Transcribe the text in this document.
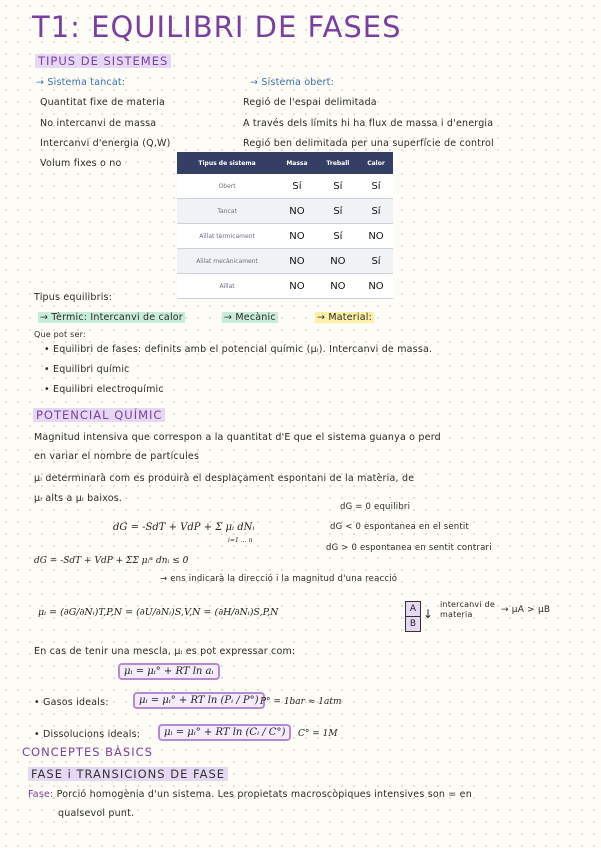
T1: EQUILIBRI DE FASES
TIPUS DE SISTEMES
→ Sistema tancat:
Quantitat fixe de materia
No intercanvi de massa
Intercanvi d'energia (Q,W)
Volum fixes o no
→ Sistema obert:
Regió de l'espai delimitada
A través dels límits hi ha flux de massa i d'energia
Regió ben delimitada per una superfície de control
Tipus de sistema	Massa	Treball	Calor
Obert	Sí	Sí	Sí
Tancat	NO	Sí	Sí
Aïllat tèrmicament	NO	Sí	NO
Aïllat mecànicament	NO	NO	Sí
Aïllat	NO	NO	NO
Tipus equilibris:
→ Tèrmic: Intercanvi de calor	→ Mecànic	→ Material:
Que pot ser:
• Equilibri de fases: definits amb el potencial químic (μᵢ). Intercanvi de massa.
• Equilibri químic
• Equilibri electroquímic
POTENCIAL QUÍMIC
Magnitud intensiva que correspon a la quantitat d'E que el sistema guanya o perd
en variar el nombre de partícules
μᵢ determinarà com es produirà el desplaçament espontani de la matèria, de
μᵢ alts a μᵢ baixos.
dG = -SdT + VdP + Σ μᵢ dNᵢ
i=1 … n
dG = 0 equilibri
dG < 0 espontanea en el sentit
dG > 0 espontanea en sentit contrari
dG = -SdT + VdP + ΣΣ μᵢᵅ dnᵢ ≤ 0
→ ens indicarà la direcció i la magnitud d'una reacció
μᵢ = (∂G/∂Nᵢ)T,P,N = (∂U/∂Nᵢ)S,V,N = (∂H/∂Nᵢ)S,P,N	A
B
↓
intercanvi de materia	→ μA > μB
En cas de tenir una mescla, μᵢ es pot expressar com:
μᵢ = μᵢ° + RT ln aᵢ
• Gasos ideals:	μᵢ = μᵢ° + RT ln (Pᵢ / P°) P° = 1bar ≈ 1atm
• Dissolucions ideals:	μᵢ = μᵢ° + RT ln (Cᵢ / C°)	C° = 1M
CONCEPTES BÀSICS
FASE i TRANSICIONS DE FASE
Fase: Porció homogènia d'un sistema. Les propietats macroscòpiques intensives son = en
qualsevol punt.
